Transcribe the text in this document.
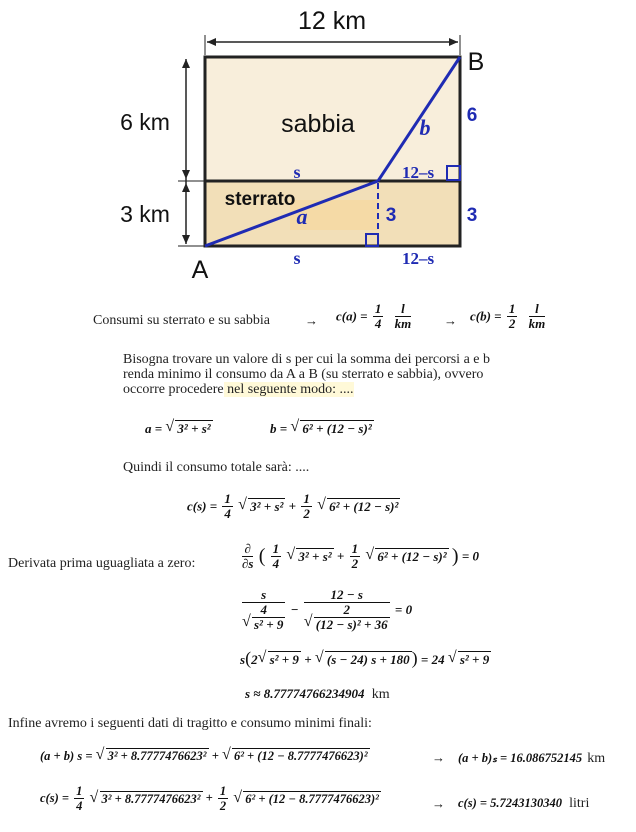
12 km
6 km
3 km
B
A
sabbia
sterrato
b
a
6
3
3
s	12–s
s	12–s
Consumi su sterrato e su sabbia	→ $c(a) = \frac{1}{4}$
$\frac{l}{km}$	→ $c(b) = \frac{1}{2}$
$\frac{l}{km}$
Bisogna trovare un valore di s per cui la somma dei percorsi a e b
renda minimo il consumo da A a B (su sterrato e sabbia), ovvero
occorre procedere nel seguente modo: ....
a = √ 3² + s²	b = √ 6² + (12 − s)²
Quindi il consumo totale sarà: ....
$c(s) = \frac{1}{4}$ √ $3^2 + s^2 + \frac{1}{2}$ √ 6² + (12 − s)²
Derivata prima uguagliata a zero:	$\frac{\partial}{\partial s}$ ( $\frac{1}{4}$ √ $3^2 + s^2 + \frac{1}{2}$ √ 6² + (12 − s)² ) = 0
s
4
√ s² + 9 − 12 − s
2
√ (12 − s)² + 36 = 0
s(2 √ s² + 9 + √ (s − 24) s + 180 ) = 24 √ s² + 9
s ≈ 8.77774766234904 km
Infine avremo i seguenti dati di tragitto e consumo minimi finali:
(a + b) s = √ 3² + 8.7777476623² + √ 6² + (12 − 8.7777476623)²	→ (a + b)ₛ = 16.086752145 km
$c(s) = \frac{1}{4}$ √ $3^2 + 8.7777476623^2 + \frac{1}{2}$ √ 6² + (12 − 8.7777476623)²	→ c(s) = 5.7243130340 litri
